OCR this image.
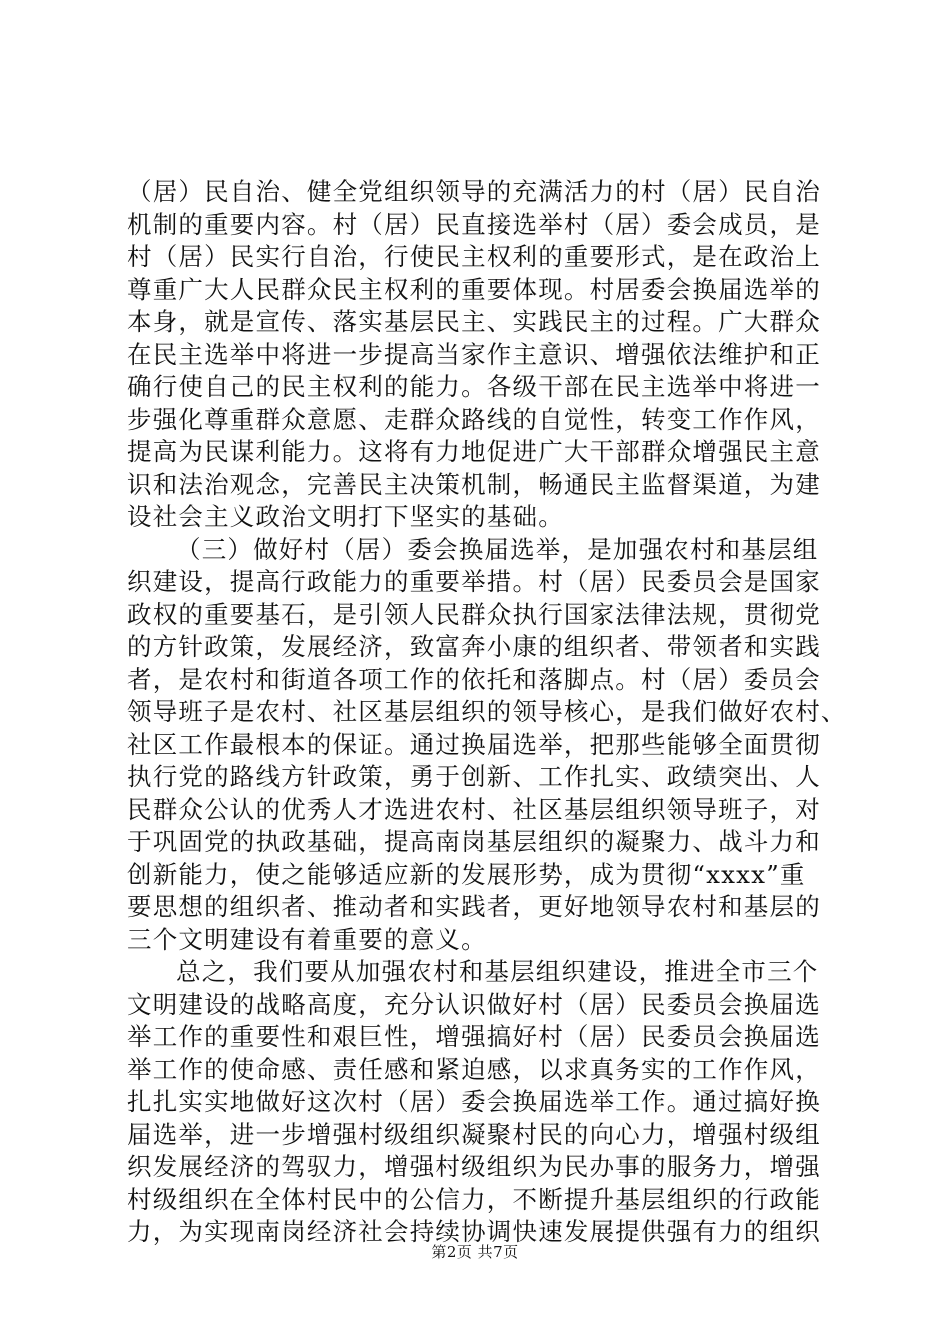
（居）民自治、健全党组织领导的充满活力的村（居）民自治
机制的重要内容。村（居）民直接选举村（居）委会成员，是
村（居）民实行自治，行使民主权利的重要形式，是在政治上
尊重广大人民群众民主权利的重要体现。村居委会换届选举的
本身，就是宣传、落实基层民主、实践民主的过程。广大群众
在民主选举中将进一步提高当家作主意识、增强依法维护和正
确行使自己的民主权利的能力。各级干部在民主选举中将进一
步强化尊重群众意愿、走群众路线的自觉性，转变工作作风，
提高为民谋利能力。这将有力地促进广大干部群众增强民主意
识和法治观念，完善民主决策机制，畅通民主监督渠道，为建
设社会主义政治文明打下坚实的基础。
（三）做好村（居）委会换届选举，是加强农村和基层组
织建设，提高行政能力的重要举措。村（居）民委员会是国家
政权的重要基石，是引领人民群众执行国家法律法规，贯彻党
的方针政策，发展经济，致富奔小康的组织者、带领者和实践
者，是农村和街道各项工作的依托和落脚点。村（居）委员会
领导班子是农村、社区基层组织的领导核心，是我们做好农村、
社区工作最根本的保证。通过换届选举，把那些能够全面贯彻
执行党的路线方针政策，勇于创新、工作扎实、政绩突出、人
民群众公认的优秀人才选进农村、社区基层组织领导班子，对
于巩固党的执政基础，提高南岗基层组织的凝聚力、战斗力和
创新能力，使之能够适应新的发展形势，成为贯彻“xxxx”重
要思想的组织者、推动者和实践者，更好地领导农村和基层的
三个文明建设有着重要的意义。
总之，我们要从加强农村和基层组织建设，推进全市三个
文明建设的战略高度，充分认识做好村（居）民委员会换届选
举工作的重要性和艰巨性，增强搞好村（居）民委员会换届选
举工作的使命感、责任感和紧迫感，以求真务实的工作作风，
扎扎实实地做好这次村（居）委会换届选举工作。通过搞好换
届选举，进一步增强村级组织凝聚村民的向心力，增强村级组
织发展经济的驾驭力，增强村级组织为民办事的服务力，增强
村级组织在全体村民中的公信力，不断提升基层组织的行政能
力，为实现南岗经济社会持续协调快速发展提供强有力的组织
第2页 共7页
